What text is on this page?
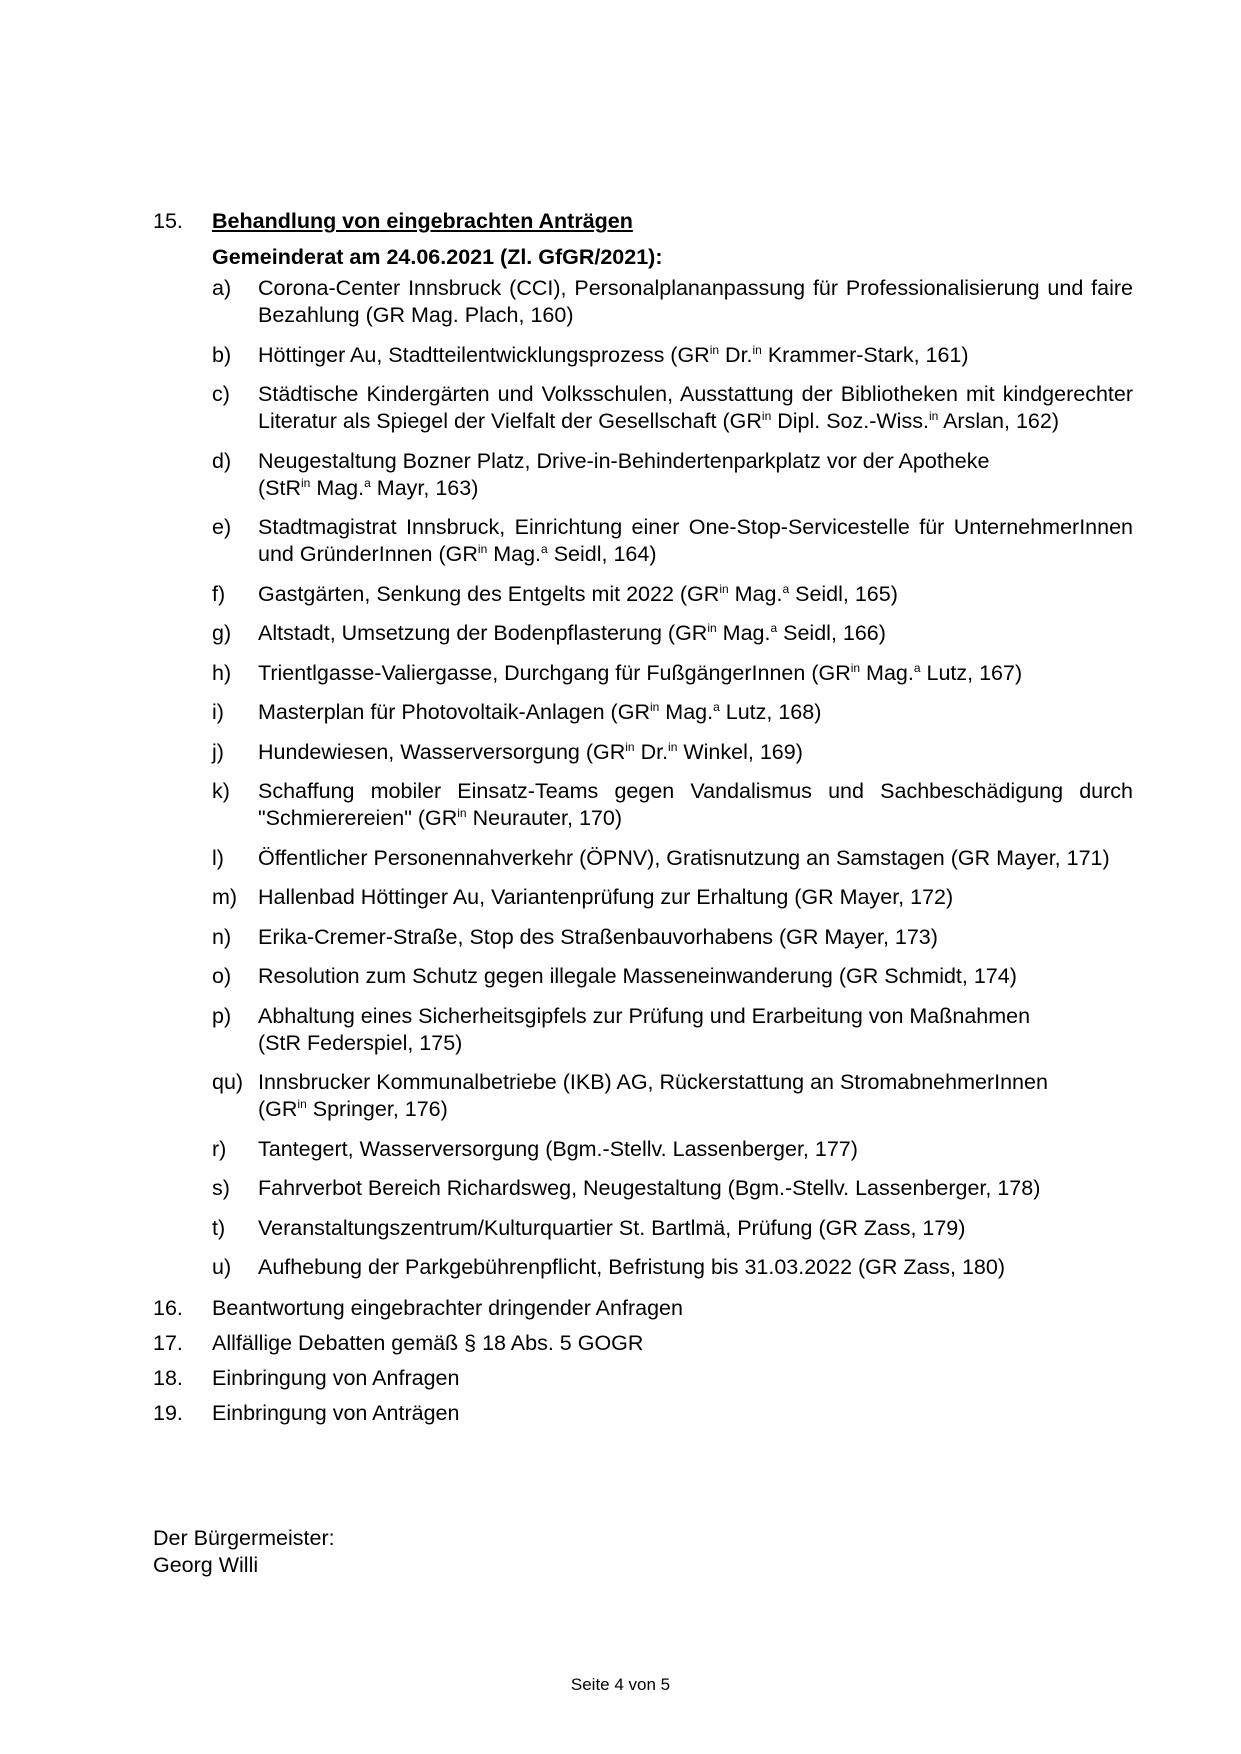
15.	Behandlung von eingebrachten Anträgen
Gemeinderat am 24.06.2021 (Zl. GfGR/2021):
a)	Corona-Center Innsbruck (CCI), Personalplananpassung für Professionalisierung und faire Bezahlung (GR Mag. Plach, 160)
b)	Höttinger Au, Stadtteilentwicklungsprozess ($GR^{in}$ Dr.$^{in}$ Krammer-Stark, 161)
c)	Städtische Kindergärten und Volksschulen, Ausstattung der Bibliotheken mit kindgerechter Literatur als Spiegel der Vielfalt der Gesellschaft ($GR^{in}$ Dipl. Soz.-Wiss.$^{in}$ Arslan, 162)
d)	Neugestaltung Bozner Platz, Drive-in-Behindertenparkplatz vor der Apotheke
(StR$^{in}$ Mag.$^a$ Mayr, 163)
e)	Stadtmagistrat Innsbruck, Einrichtung einer One-Stop-Servicestelle für UnternehmerInnen und GründerInnen ($GR^{in}$ Mag.$^a$ Seidl, 164)
f)	Gastgärten, Senkung des Entgelts mit 2022 ($GR^{in}$ Mag.$^a$ Seidl, 165)
g)	Altstadt, Umsetzung der Bodenpflasterung ($GR^{in}$ Mag.$^a$ Seidl, 166)
h)	Trientlgasse-Valiergasse, Durchgang für FußgängerInnen ($GR^{in}$ Mag.$^a$ Lutz, 167)
i)	Masterplan für Photovoltaik-Anlagen ($GR^{in}$ Mag.$^a$ Lutz, 168)
j)	Hundewiesen, Wasserversorgung ($GR^{in}$ Dr.$^{in}$ Winkel, 169)
k)	Schaffung mobiler Einsatz-Teams gegen Vandalismus und Sachbeschädigung durch "Schmierereien" ($GR^{in}$ Neurauter, 170)
l)	Öffentlicher Personennahverkehr (ÖPNV), Gratisnutzung an Samstagen (GR Mayer, 171)
m) Hallenbad Höttinger Au, Variantenprüfung zur Erhaltung (GR Mayer, 172)
n)	Erika-Cremer-Straße, Stop des Straßenbauvorhabens (GR Mayer, 173)
o)	Resolution zum Schutz gegen illegale Masseneinwanderung (GR Schmidt, 174)
p)	Abhaltung eines Sicherheitsgipfels zur Prüfung und Erarbeitung von Maßnahmen
(StR Federspiel, 175)
qu) Innsbrucker Kommunalbetriebe (IKB) AG, Rückerstattung an StromabnehmerInnen
($GR^{in}$ Springer, 176)
r)	Tantegert, Wasserversorgung (Bgm.-Stellv. Lassenberger, 177)
s)	Fahrverbot Bereich Richardsweg, Neugestaltung (Bgm.-Stellv. Lassenberger, 178)
t)	Veranstaltungszentrum/Kulturquartier St. Bartlmä, Prüfung (GR Zass, 179)
u)	Aufhebung der Parkgebührenpflicht, Befristung bis 31.03.2022 (GR Zass, 180)
16.	Beantwortung eingebrachter dringender Anfragen
17.	Allfällige Debatten gemäß § 18 Abs. 5 GOGR
18.	Einbringung von Anfragen
19.	Einbringung von Anträgen
Der Bürgermeister:
Georg Willi
Seite 4 von 5
